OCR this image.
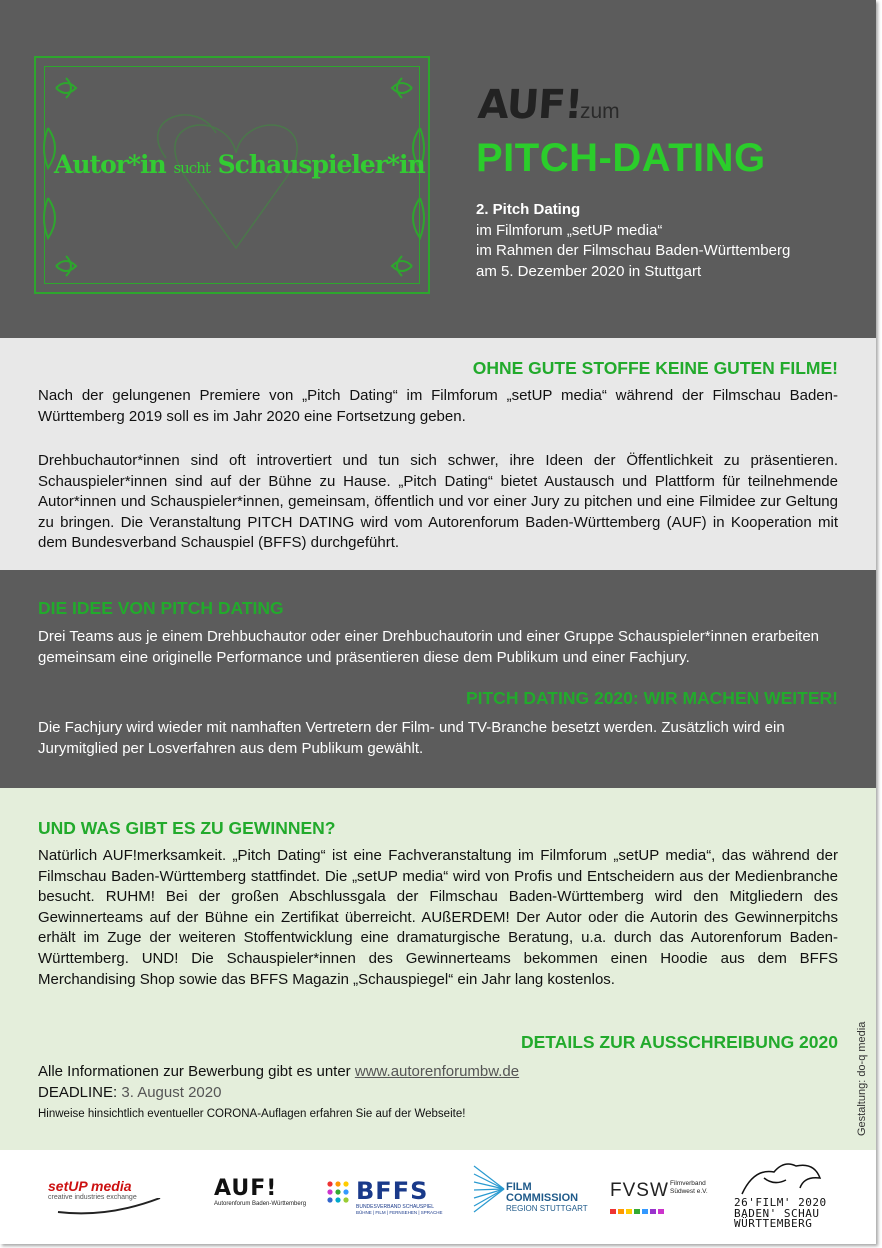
Autor*in sucht Schauspieler*in
AUF!
zum
PITCH-DATING
2. Pitch Dating
im Filmforum „setUP media“
im Rahmen der Filmschau Baden-Württemberg
am 5. Dezember 2020 in Stuttgart
OHNE GUTE STOFFE KEINE GUTEN FILME!
Nach der gelungenen Premiere von „Pitch Dating“ im Filmforum „setUP media“ während der Filmschau Baden-Württemberg 2019 soll es im Jahr 2020 eine Fortsetzung geben.
Drehbuchautor*innen sind oft introvertiert und tun sich schwer, ihre Ideen der Öffentlichkeit zu präsentieren. Schauspieler*innen sind auf der Bühne zu Hause. „Pitch Dating“ bietet Austausch und Plattform für teilnehmende Autor*innen und Schauspieler*innen, gemeinsam, öffentlich und vor einer Jury zu pitchen und eine Filmidee zur Geltung zu bringen. Die Veranstaltung PITCH DATING wird vom Autorenforum Baden-Württemberg (AUF) in Kooperation mit dem Bundesverband Schauspiel (BFFS) durchgeführt.
DIE IDEE VON PITCH DATING
Drei Teams aus je einem Drehbuchautor oder einer Drehbuchautorin und einer Gruppe Schauspieler*innen erarbeiten gemeinsam eine originelle Performance und präsentieren diese dem Publikum und einer Fachjury.
PITCH DATING 2020: WIR MACHEN WEITER!
Die Fachjury wird wieder mit namhaften Vertretern der Film- und TV-Branche besetzt werden. Zusätzlich wird ein Jurymitglied per Losverfahren aus dem Publikum gewählt.
UND WAS GIBT ES ZU GEWINNEN?
Natürlich AUF!merksamkeit. „Pitch Dating“ ist eine Fachveranstaltung im Filmforum „setUP media“, das während der Filmschau Baden-Württemberg stattfindet. Die „setUP media“ wird von Profis und Entscheidern aus der Medienbranche besucht. RUHM! Bei der großen Abschlussgala der Filmschau Baden-Württemberg wird den Mitgliedern des Gewinnerteams auf der Bühne ein Zertifikat überreicht. AUßERDEM! Der Autor oder die Autorin des Gewinnerpitchs erhält im Zuge der weiteren Stoffentwicklung eine dramaturgische Beratung, u.a. durch das Autorenforum Baden-Württemberg. UND! Die Schauspieler*innen des Gewinnerteams bekommen einen Hoodie aus dem BFFS Merchandising Shop sowie das BFFS Magazin „Schauspiegel“ ein Jahr lang kostenlos.
DETAILS ZUR AUSSCHREIBUNG 2020
Alle Informationen zur Bewerbung gibt es unter www.autorenforumbw.de
DEADLINE: 3. August 2020
Hinweise hinsichtlich eventueller CORONA-Auflagen erfahren Sie auf der Webseite!	Gestaltung: do-q media
setUP media
creative industries exchange	AUF!
Autorenforum Baden-Württemberg BFFS
BUNDESVERBAND SCHAUSPIEL
BÜHNE | FILM | FERNSEHEN | SPRACHE
FILM
COMMISSION
REGION STUTTGART
FVSW Filmverband
Südwest e.V.
26'FILM' 2020
BADEN' SCHAU
WÜRTTEMBERG
